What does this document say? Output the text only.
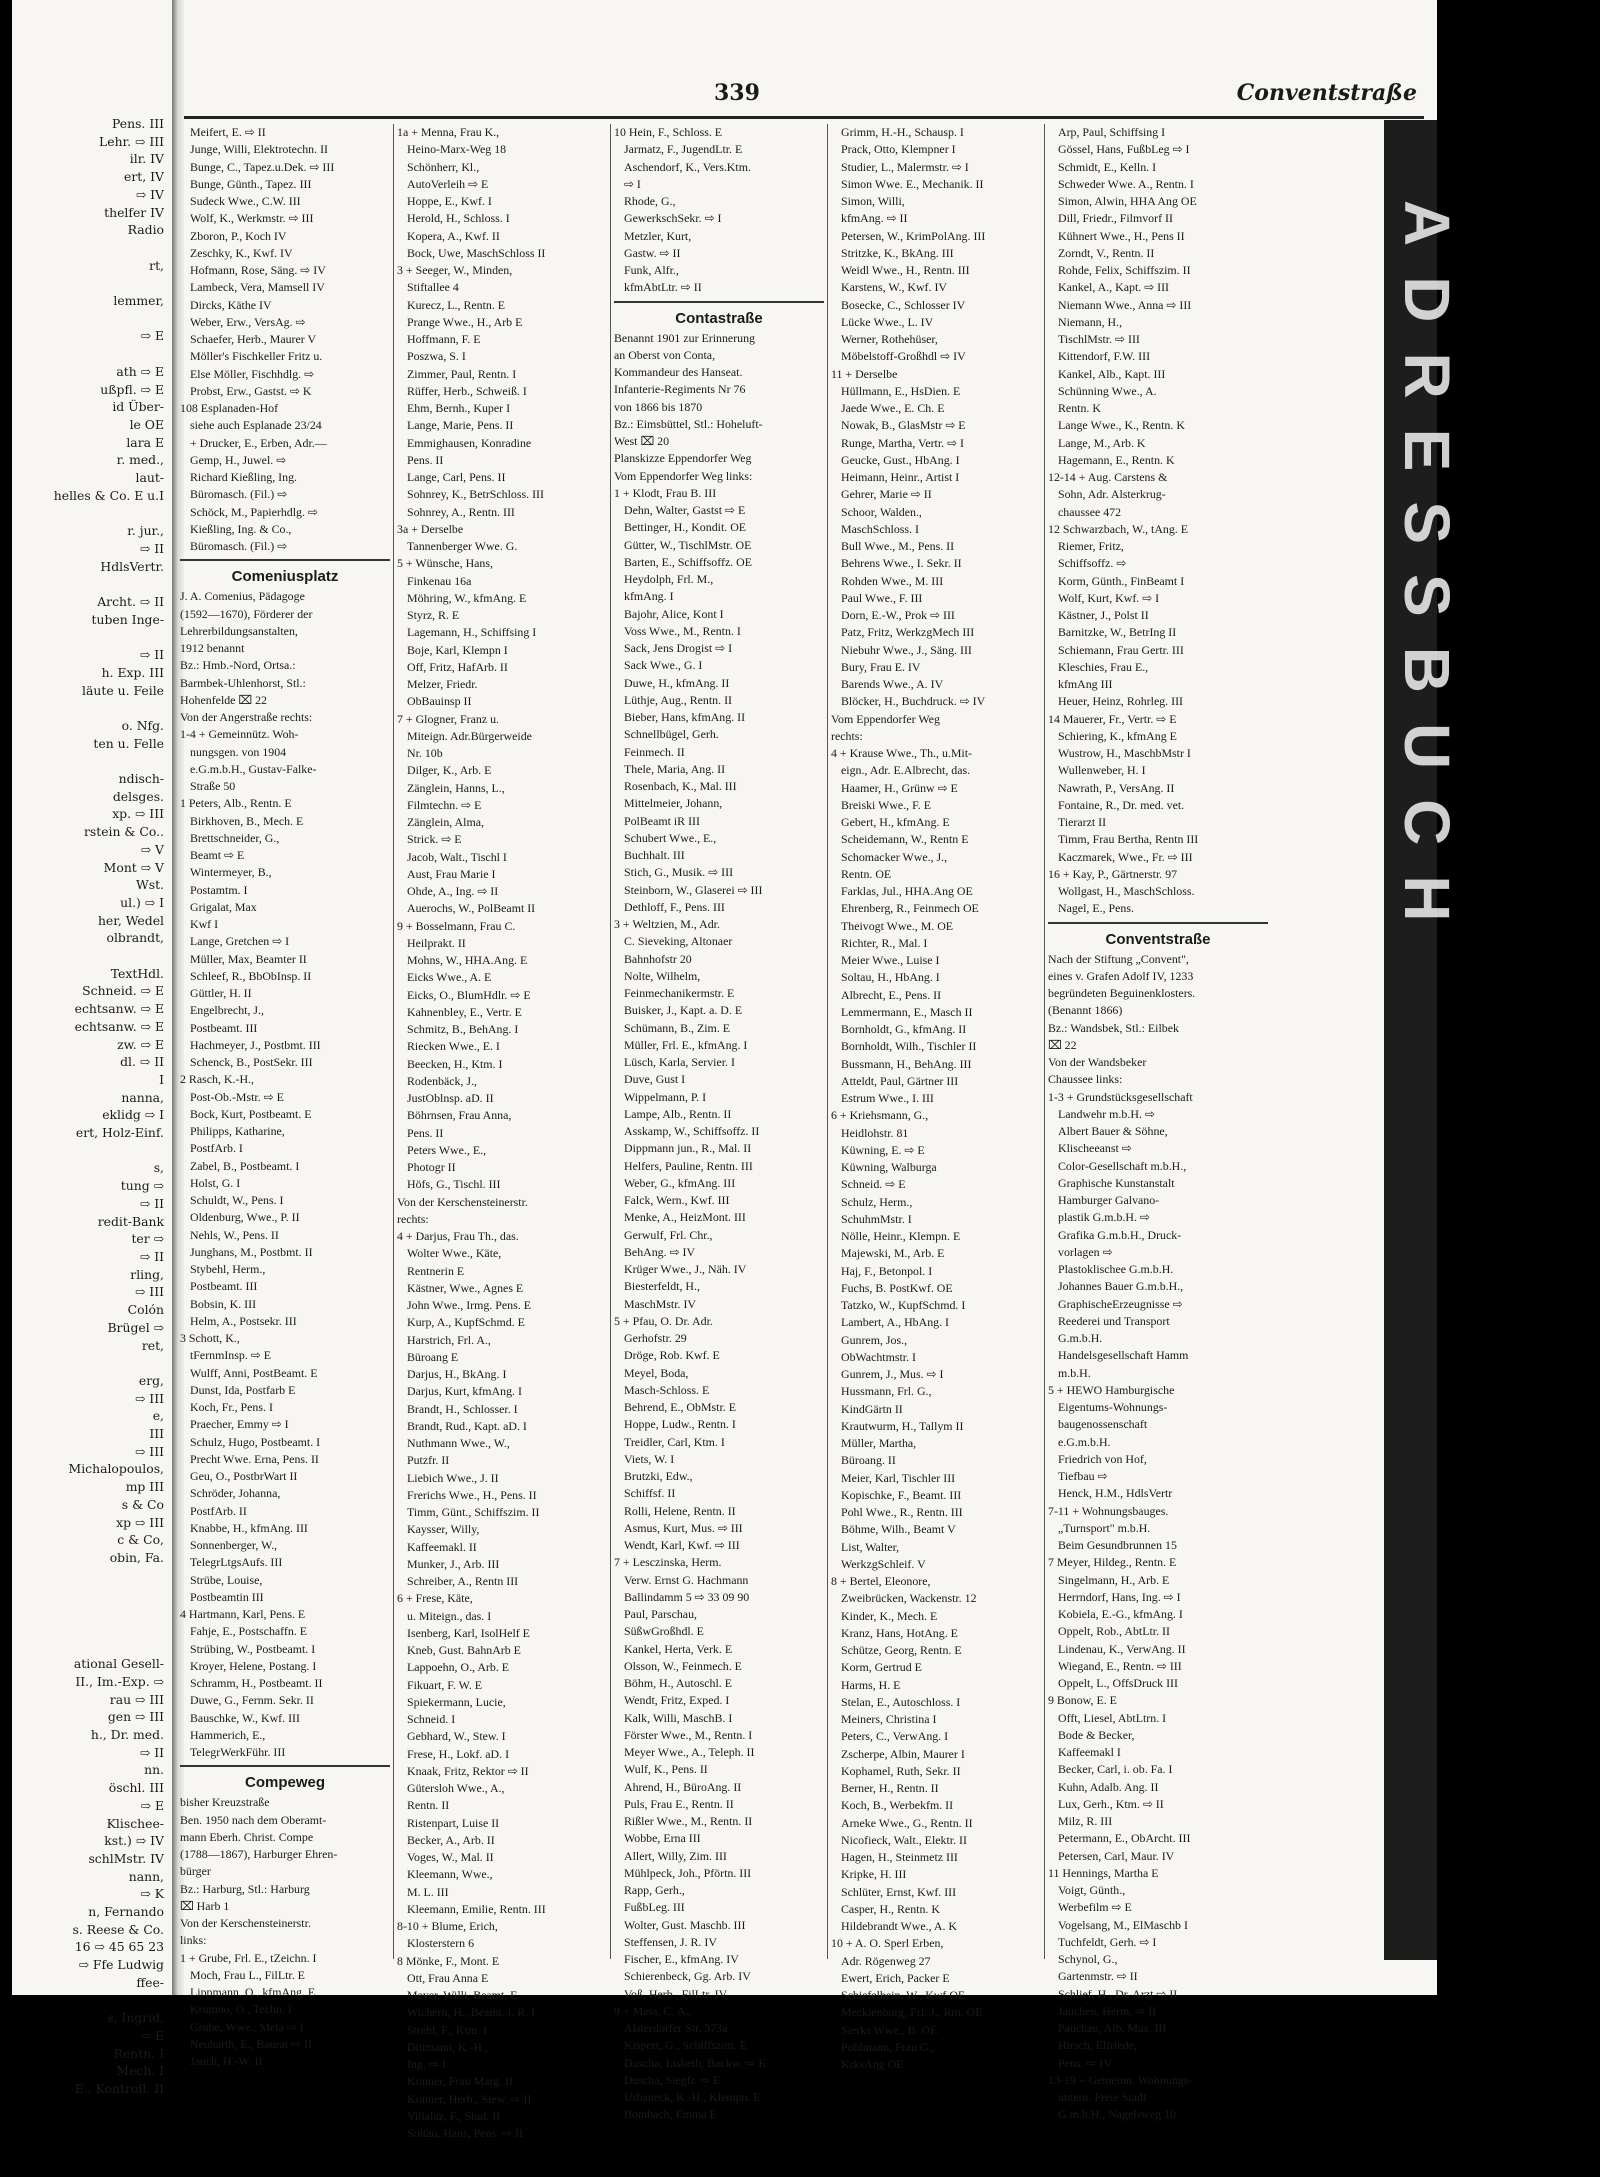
Pens. III
Lehr. ⇨ III
ilr. IV
ert, IV
⇨ IV
thelfer IV
Radio

rt,

lemmer,

⇨ E

ath ⇨ E
ußpfl. ⇨ E
id Über-
le OE
lara E
r. med.,
laut-
helles & Co. E u.I

r. jur.,
⇨ II
HdlsVertr.

Archt. ⇨ II
tuben Inge-

⇨ II
h. Exp. III
läute u. Feile

o. Nfg.
ten u. Felle

ndisch-
delsges.
xp. ⇨ III
rstein & Co..
⇨ V
Mont ⇨ V
Wst.
ul.) ⇨ I
her, Wedel
olbrandt,

TextHdl.
Schneid. ⇨ E
echtsanw. ⇨ E
echtsanw. ⇨ E
zw. ⇨ E
dl. ⇨ II
I
nanna,
eklidg ⇨ I
ert, Holz-Einf.

s,
tung ⇨
⇨ II
redit-Bank
ter ⇨
⇨ II
rling,
⇨ III
Colón
Brügel ⇨
ret,

erg,
⇨ III
e,
III
⇨ III
Michalopoulos,
mp III
s & Co
xp ⇨ III
c & Co,
obin, Fa.

ational Gesell-
II., Im.-Exp. ⇨
rau ⇨ III
gen ⇨ III
h., Dr. med.
⇨ II
nn.
öschl. III
⇨ E
Klischee-
kst.) ⇨ IV
schlMstr. IV
nann,
⇨ K
n, Fernando
s. Reese & Co.
16 ⇨ 45 65 23
⇨ Ffe Ludwig
ffee-

s, Ingrid,
⇨ E
Rentn. I
Mech. I
E., Kontroll. II
339	Conventstraße
Meifert, E. ⇨ II
Junge, Willi, Elektrotechn. II
Bunge, C., Tapez.u.Dek. ⇨ III
Bunge, Günth., Tapez. III
Sudeck Wwe., C.W. III
Wolf, K., Werkmstr. ⇨ III
Zboron, P., Koch IV
Zeschky, K., Kwf. IV
Hofmann, Rose, Säng. ⇨ IV
Lambeck, Vera, Mamsell IV
Dircks, Käthe IV
Weber, Erw., VersAg. ⇨
Schaefer, Herb., Maurer V
Möller's Fischkeller Fritz u.
Else Möller, Fischhdlg. ⇨
Probst, Erw., Gastst. ⇨ K
108 Esplanaden-Hof
siehe auch Esplanade 23/24
+ Drucker, E., Erben, Adr.—
Gemp, H., Juwel. ⇨
Richard Kießling, Ing.
Büromasch. (Fil.) ⇨
Schöck, M., Papierhdlg. ⇨
Kießling, Ing. & Co.,
Büromasch. (Fil.) ⇨
Comeniusplatz
J. A. Comenius, Pädagoge
(1592—1670), Förderer der
Lehrerbildungsanstalten,
1912 benannt
Bz.: Hmb.-Nord, Ortsa.:
Barmbek-Uhlenhorst, Stl.:
Hohenfelde ⌧ 22
Von der Angerstraße rechts:
1-4 + Gemeinnütz. Woh-
nungsgen. von 1904
e.G.m.b.H., Gustav-Falke-
Straße 50
1 Peters, Alb., Rentn. E
Birkhoven, B., Mech. E
Brettschneider, G.,
Beamt ⇨ E
Wintermeyer, B.,
Postamtm. I
Grigalat, Max
Kwf I
Lange, Gretchen ⇨ I
Müller, Max, Beamter II
Schleef, R., BbObInsp. II
Güttler, H. II
Engelbrecht, J.,
Postbeamt. III
Hachmeyer, J., Postbmt. III
Schenck, B., PostSekr. III
2 Rasch, K.-H.,
Post-Ob.-Mstr. ⇨ E
Bock, Kurt, Postbeamt. E
Philipps, Katharine,
PostfArb. I
Zabel, B., Postbeamt. I
Holst, G. I
Schuldt, W., Pens. I
Oldenburg, Wwe., P. II
Nehls, W., Pens. II
Junghans, M., Postbmt. II
Stybehl, Herm.,
Postbeamt. III
Bobsin, K. III
Helm, A., Postsekr. III
3 Schott, K.,
tFernmInsp. ⇨ E
Wulff, Anni, PostBeamt. E
Dunst, Ida, Postfarb E
Koch, Fr., Pens. I
Praecher, Emmy ⇨ I
Schulz, Hugo, Postbeamt. I
Precht Wwe. Erna, Pens. II
Geu, O., PostbrWart II
Schröder, Johanna,
PostfArb. II
Knabbe, H., kfmAng. III
Sonnenberger, W.,
TelegrLtgsAufs. III
Strübe, Louise,
Postbeamtin III
4 Hartmann, Karl, Pens. E
Fahje, E., Postschaffn. E
Strübing, W., Postbeamt. I
Kroyer, Helene, Postang. I
Schramm, H., Postbeamt. II
Duwe, G., Fernm. Sekr. II
Bauschke, W., Kwf. III
Hammerich, E.,
TelegrWerkFühr. III
Compeweg
bisher Kreuzstraße
Ben. 1950 nach dem Oberamt-
mann Eberh. Christ. Compe
(1788—1867), Harburger Ehren-
bürger
Bz.: Harburg, Stl.: Harburg
⌧ Harb 1
Von der Kerschensteinerstr.
links:
1 + Grube, Frl. E., tZeichn. I
Moch, Frau L., FilLtr. E
Lippmann, O., kfmAng. E
Krumno, O., Techn. I
Grube, Wwe., Meta ⇨ I
Neuharth, E., Baurat ⇨ II
Jauch, H.-W. II
1a + Menna, Frau K.,
Heino-Marx-Weg 18
Schönherr, Kl.,
AutoVerleih ⇨ E
Hoppe, E., Kwf. I
Herold, H., Schloss. I
Kopera, A., Kwf. II
Bock, Uwe, MaschSchloss II
3 + Seeger, W., Minden,
Stiftallee 4
Kurecz, L., Rentn. E
Prange Wwe., H., Arb E
Hoffmann, F. E
Poszwa, S. I
Zimmer, Paul, Rentn. I
Rüffer, Herb., Schweiß. I
Ehm, Bernh., Kuper I
Lange, Marie, Pens. II
Emmighausen, Konradine
Pens. II
Lange, Carl, Pens. II
Sohnrey, K., BetrSchloss. III
Sohnrey, A., Rentn. III
3a + Derselbe
Tannenberger Wwe. G.
5 + Wünsche, Hans,
Finkenau 16a
Möhring, W., kfmAng. E
Styrz, R. E
Lagemann, H., Schiffsing I
Boje, Karl, Klempn I
Off, Fritz, HafArb. II
Melzer, Friedr.
ObBauinsp II
7 + Glogner, Franz u.
Miteign. Adr.Bürgerweide
Nr. 10b
Dilger, K., Arb. E
Zänglein, Hanns, L.,
Filmtechn. ⇨ E
Zänglein, Alma,
Strick. ⇨ E
Jacob, Walt., Tischl I
Aust, Frau Marie I
Ohde, A., Ing. ⇨ II
Auerochs, W., PolBeamt II
9 + Bosselmann, Frau C.
Heilprakt. II
Mohns, W., HHA.Ang. E
Eicks Wwe., A. E
Eicks, O., BlumHdlr. ⇨ E
Kahnenbley, E., Vertr. E
Schmitz, B., BehAng. I
Riecken Wwe., E. I
Beecken, H., Ktm. I
Rodenbäck, J.,
JustOblnsp. aD. II
Böhrnsen, Frau Anna,
Pens. II
Peters Wwe., E.,
Photogr II
Höfs, G., Tischl. III
Von der Kerschensteinerstr.
rechts:
4 + Darjus, Frau Th., das.
Wolter Wwe., Käte,
Rentnerin E
Kästner, Wwe., Agnes E
John Wwe., Irmg. Pens. E
Kurp, A., KupfSchmd. E
Harstrich, Frl. A.,
Büroang E
Darjus, H., BkAng. I
Darjus, Kurt, kfmAng. I
Brandt, H., Schlosser. I
Brandt, Rud., Kapt. aD. I
Nuthmann Wwe., W.,
Putzfr. II
Liebich Wwe., J. II
Frerichs Wwe., H., Pens. II
Timm, Günt., Schiffszim. II
Kaysser, Willy,
Kaffeemakl. II
Munker, J., Arb. III
Schreiber, A., Rentn III
6 + Frese, Käte,
u. Miteign., das. I
Isenberg, Karl, IsolHelf E
Kneb, Gust. BahnArb E
Lappoehn, O., Arb. E
Fikuart, F. W. E
Spiekermann, Lucie,
Schneid. I
Gebhard, W., Stew. I
Frese, H., Lokf. aD. I
Knaak, Fritz, Rektor ⇨ II
Gütersloh Wwe., A.,
Rentn. II
Ristenpart, Luise II
Becker, A., Arb. II
Voges, W., Mal. II
Kleemann, Wwe.,
M. L. III
Kleemann, Emilie, Rentn. III
8-10 + Blume, Erich,
Klosterstern 6
8 Mönke, F., Mont. E
Ott, Frau Anna E
Meyer, Willi, Beamt. E
Wichern, H., Beamt. i. R. I
Strehl, F., Ktm. I
Dittmann, K.-H.,
Ing. ⇨ I
Kramer, Frau Marg. II
Kramer, Herb., Stew. ⇨ II
Villalaz, F., Stud. II
Soltau, Hans, Pens. ⇨ II
10 Hein, F., Schloss. E
Jarmatz, F., JugendLtr. E
Aschendorf, K., Vers.Ktm.
⇨ I
Rhode, G.,
GewerkschSekr. ⇨ I
Metzler, Kurt,
Gastw. ⇨ II
Funk, Alfr.,
kfmAbtLtr. ⇨ II
Contastraße
Benannt 1901 zur Erinnerung
an Oberst von Conta,
Kommandeur des Hanseat.
Infanterie-Regiments Nr 76
von 1866 bis 1870
Bz.: Eimsbüttel, Stl.: Hoheluft-
West ⌧ 20
Planskizze Eppendorfer Weg
Vom Eppendorfer Weg links:
1 + Klodt, Frau B. III
Dehn, Walter, Gastst ⇨ E
Bettinger, H., Kondit. OE
Gütter, W., TischlMstr. OE
Barten, E., Schiffsoffz. OE
Heydolph, Frl. M.,
kfmAng. I
Bajohr, Alice, Kont I
Voss Wwe., M., Rentn. I
Sack, Jens Drogist ⇨ I
Sack Wwe., G. I
Duwe, H., kfmAng. II
Lüthje, Aug., Rentn. II
Bieber, Hans, kfmAng. II
Schnellbügel, Gerh.
Feinmech. II
Thele, Maria, Ang. II
Rosenbach, K., Mal. III
Mittelmeier, Johann,
PolBeamt iR III
Schubert Wwe., E.,
Buchhalt. III
Stich, G., Musik. ⇨ III
Steinborn, W., Glaserei ⇨ III
Dethloff, F., Pens. III
3 + Weltzien, M., Adr.
C. Sieveking, Altonaer
Bahnhofstr 20
Nolte, Wilhelm,
Feinmechanikermstr. E
Buisker, J., Kapt. a. D. E
Schümann, B., Zim. E
Müller, Frl. E., kfmAng. I
Lüsch, Karla, Servier. I
Duve, Gust I
Wippelmann, P. I
Lampe, Alb., Rentn. II
Asskamp, W., Schiffsoffz. II
Dippmann jun., R., Mal. II
Helfers, Pauline, Rentn. III
Weber, G., kfmAng. III
Falck, Wern., Kwf. III
Menke, A., HeizMont. III
Gerwulf, Frl. Chr.,
BehAng. ⇨ IV
Krüger Wwe., J., Näh. IV
Biesterfeldt, H.,
MaschMstr. IV
5 + Pfau, O. Dr. Adr.
Gerhofstr. 29
Dröge, Rob. Kwf. E
Meyel, Boda,
Masch-Schloss. E
Behrend, E., ObMstr. E
Hoppe, Ludw., Rentn. I
Treidler, Carl, Ktm. I
Viets, W. I
Brutzki, Edw.,
Schiffsf. II
Rolli, Helene, Rentn. II
Asmus, Kurt, Mus. ⇨ III
Wendt, Karl, Kwf. ⇨ III
7 + Lesczinska, Herm.
Verw. Ernst G. Hachmann
Ballindamm 5 ⇨ 33 09 90
Paul, Parschau,
SüßwGroßhdl. E
Kankel, Herta, Verk. E
Olsson, W., Feinmech. E
Böhm, H., Autoschl. E
Wendt, Fritz, Exped. I
Kalk, Willi, MaschB. I
Förster Wwe., M., Rentn. I
Meyer Wwe., A., Teleph. II
Wulf, K., Pens. II
Ahrend, H., BüroAng. II
Puls, Frau E., Rentn. II
Rißler Wwe., M., Rentn. II
Wobbe, Erna III
Allert, Willy, Zim. III
Mühlpeck, Joh., Pförtn. III
Rapp, Gerh.,
FußbLeg. III
Wolter, Gust. Maschb. III
Steffensen, J. R. IV
Fischer, E., kfmAng. IV
Schierenbeck, Gg. Arb. IV
Voß, Herb., FilLtr. IV
9 + Mass, C. A.,
Alsterdorfer Str. 373a
Kispert, G., Schiffszim. E
Duscha, Lisbeth, Backw. ⇨ E
Duscha, Siegfr. ⇨ E
Urbaneck, K.-H., Klempn. E
Bombach, Emma E
Grimm, H.-H., Schausp. I
Prack, Otto, Klempner I
Studier, L., Malermstr. ⇨ I
Simon Wwe. E., Mechanik. II
Simon, Willi,
kfmAng. ⇨ II
Petersen, W., KrimPolAng. III
Stritzke, K., BkAng. III
Weidl Wwe., H., Rentn. III
Karstens, W., Kwf. IV
Bosecke, C., Schlosser IV
Lücke Wwe., L. IV
Werner, Rothehüser,
Möbelstoff-Großhdl ⇨ IV
11 + Derselbe
Hüllmann, E., HsDien. E
Jaede Wwe., E. Ch. E
Nowak, B., GlasMstr ⇨ E
Runge, Martha, Vertr. ⇨ I
Geucke, Gust., HbAng. I
Heimann, Heinr., Artist I
Gehrer, Marie ⇨ II
Schoor, Walden.,
MaschSchloss. I
Bull Wwe., M., Pens. II
Behrens Wwe., I. Sekr. II
Rohden Wwe., M. III
Paul Wwe., F. III
Dorn, E.-W., Prok ⇨ III
Patz, Fritz, WerkzgMech III
Niebuhr Wwe., J., Säng. III
Bury, Frau E. IV
Barends Wwe., A. IV
Blöcker, H., Buchdruck. ⇨ IV
Vom Eppendorfer Weg
rechts:
4 + Krause Wwe., Th., u.Mit-
eign., Adr. E.Albrecht, das.
Haamer, H., Grünw ⇨ E
Breiski Wwe., F. E
Gebert, H., kfmAng. E
Scheidemann, W., Rentn E
Schomacker Wwe., J.,
Rentn. OE
Farklas, Jul., HHA.Ang OE
Ehrenberg, R., Feinmech OE
Theivogt Wwe., M. OE
Richter, R., Mal. I
Meier Wwe., Luise I
Soltau, H., HbAng. I
Albrecht, E., Pens. II
Lemmermann, E., Masch II
Bornholdt, G., kfmAng. II
Bornholdt, Wilh., Tischler II
Bussmann, H., BehAng. III
Atteldt, Paul, Gärtner III
Estrum Wwe., I. III
6 + Kriehsmann, G.,
Heidlohstr. 81
Küwning, E. ⇨ E
Küwning, Walburga
Schneid. ⇨ E
Schulz, Herm.,
SchuhmMstr. I
Nölle, Heinr., Klempn. E
Majewski, M., Arb. E
Haj, F., Betonpol. I
Fuchs, B. PostKwf. OE
Tatzko, W., KupfSchmd. I
Lambert, A., HbAng. I
Gunrem, Jos.,
ObWachtmstr. I
Gunrem, J., Mus. ⇨ I
Hussmann, Frl. G.,
KindGärtn II
Krautwurm, H., Tallym II
Müller, Martha,
Büroang. II
Meier, Karl, Tischler III
Kopischke, F., Beamt. III
Pohl Wwe., R., Rentn. III
Böhme, Wilh., Beamt V
List, Walter,
WerkzgSchleif. V
8 + Bertel, Eleonore,
Zweibrücken, Wackenstr. 12
Kinder, K., Mech. E
Kranz, Hans, HotAng. E
Schütze, Georg, Rentn. E
Korm, Gertrud E
Harms, H. E
Stelan, E., Autoschloss. I
Meiners, Christina I
Peters, C., VerwAng. I
Zscherpe, Albin, Maurer I
Kophamel, Ruth, Sekr. II
Berner, H., Rentn. II
Koch, B., Werbekfm. II
Arneke Wwe., G., Rentn. II
Nicofieck, Walt., Elektr. II
Hagen, H., Steinmetz III
Kripke, H. III
Schlüter, Ernst, Kwf. III
Casper, H., Rentn. K
Hildebrandt Wwe., A. K
10 + A. O. Sperl Erben,
Adr. Rögenweg 27
Ewert, Erich, Packer E
Schiefelbein, W., Kwf OE
Meckienburg, Frl. J., Rtn. OE
Sierks Wwe., B. OE
Pohlmann, Frau G.,
KrksAng OE
Arp, Paul, Schiffsing I
Gössel, Hans, FußbLeg ⇨ I
Schmidt, E., Kelln. I
Schweder Wwe. A., Rentn. I
Simon, Alwin, HHA Ang OE
Dill, Friedr., Filmvorf II
Kühnert Wwe., H., Pens II
Zorndt, V., Rentn. II
Rohde, Felix, Schiffszim. II
Kankel, A., Kapt. ⇨ III
Niemann Wwe., Anna ⇨ III
Niemann, H.,
TischlMstr. ⇨ III
Kittendorf, F.W. III
Kankel, Alb., Kapt. III
Schünning Wwe., A.
Rentn. K
Lange Wwe., K., Rentn. K
Lange, M., Arb. K
Hagemann, E., Rentn. K
12-14 + Aug. Carstens &
Sohn, Adr. Alsterkrug-
chaussee 472
12 Schwarzbach, W., tAng. E
Riemer, Fritz,
Schiffsoffz. ⇨
Korm, Günth., FinBeamt I
Wolf, Kurt, Kwf. ⇨ I
Kästner, J., Polst II
Barnitzke, W., BetrIng II
Schiemann, Frau Gertr. III
Kleschies, Frau E.,
kfmAng III
Heuer, Heinz, Rohrleg. III
14 Mauerer, Fr., Vertr. ⇨ E
Schiering, K., kfmAng E
Wustrow, H., MaschbMstr I
Wullenweber, H. I
Nawrath, P., VersAng. II
Fontaine, R., Dr. med. vet.
Tierarzt II
Timm, Frau Bertha, Rentn III
Kaczmarek, Wwe., Fr. ⇨ III
16 + Kay, P., Gärtnerstr. 97
Wollgast, H., MaschSchloss.
Nagel, E., Pens.
Conventstraße
Nach der Stiftung „Convent",
eines v. Grafen Adolf IV, 1233
begründeten Beguinenklosters.
(Benannt 1866)
Bz.: Wandsbek, Stl.: Eilbek
⌧ 22
Von der Wandsbeker
Chaussee links:
1-3 + Grundstücksgesellschaft
Landwehr m.b.H. ⇨
Albert Bauer & Söhne,
Klischeeanst ⇨
Color-Gesellschaft m.b.H.,
Graphische Kunstanstalt
Hamburger Galvano-
plastik G.m.b.H. ⇨
Grafika G.m.b.H., Druck-
vorlagen ⇨
Plastoklischee G.m.b.H.
Johannes Bauer G.m.b.H.,
GraphischeErzeugnisse ⇨
Reederei und Transport
G.m.b.H.
Handelsgesellschaft Hamm
m.b.H.
5 + HEWO Hamburgische
Eigentums-Wohnungs-
baugenossenschaft
e.G.m.b.H.
Friedrich von Hof,
Tiefbau ⇨
Henck, H.M., HdlsVertr
7-11 + Wohnungsbauges.
„Turnsport" m.b.H.
Beim Gesundbrunnen 15
7 Meyer, Hildeg., Rentn. E
Singelmann, H., Arb. E
Herrndorf, Hans, Ing. ⇨ I
Kobiela, E.-G., kfmAng. I
Oppelt, Rob., AbtLtr. II
Lindenau, K., VerwAng. II
Wiegand, E., Rentn. ⇨ III
Oppelt, L., OffsDruck III
9 Bonow, E. E
Offt, Liesel, AbtLtrn. I
Bode & Becker,
Kaffeemakl I
Becker, Carl, i. ob. Fa. I
Kuhn, Adalb. Ang. II
Lux, Gerh., Ktm. ⇨ II
Milz, R. III
Petermann, E., ObArcht. III
Petersen, Carl, Maur. IV
11 Hennings, Martha E
Voigt, Günth.,
Werbefilm ⇨ E
Vogelsang, M., ElMaschb I
Tuchfeldt, Gerh. ⇨ I
Schynol, G.,
Gartenmstr. ⇨ II
Schlief, H., Dr. Arzt ⇨ II
Jauchen, Herm. ⇨ II
Pauchau, Alb. Mus. III
Hirsch, Elfriede,
Pens. ⇨ IV
13-19 + Gemeinn. Wohnungs-
untern. Freie Stadt
G.m.b.H., Nagelsweg 10
ADRESSBUCH
